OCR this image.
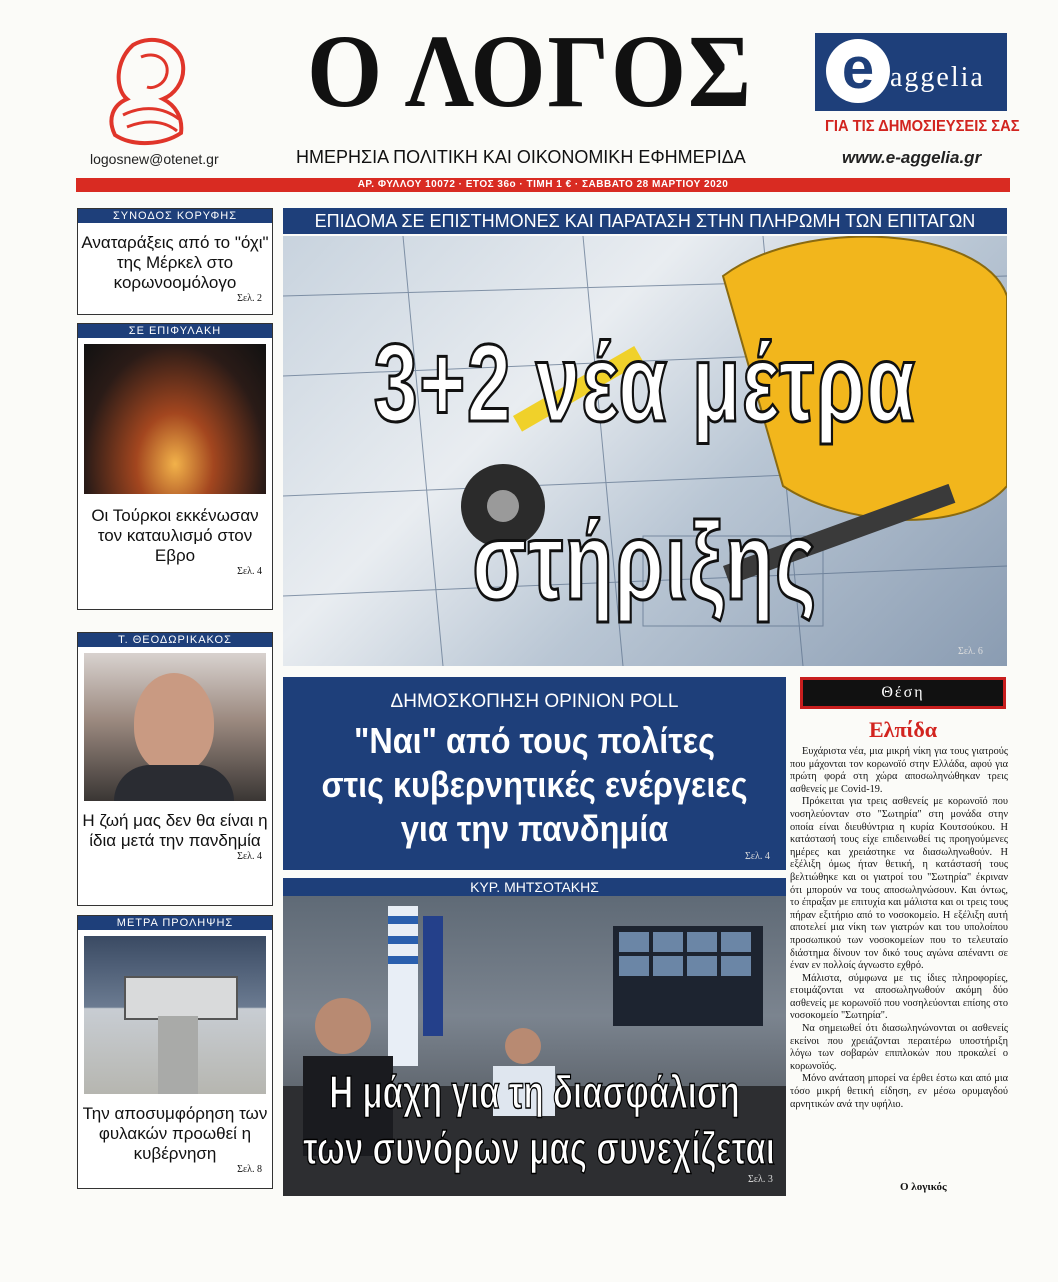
logosnew@otenet.gr
Ο ΛΟΓΟΣ
ΗΜΕΡΗΣΙΑ ΠΟΛΙΤΙΚΗ ΚΑΙ ΟΙΚΟΝΟΜΙΚΗ ΕΦΗΜΕΡΙΔΑ
e aggelia
ΓΙΑ ΤΙΣ ΔΗΜΟΣΙΕΥΣΕΙΣ ΣΑΣ
www.e-aggelia.gr
ΑΡ. ΦΥΛΛΟΥ 10072 · ΕΤΟΣ 36ο · ΤΙΜΗ 1 € · ΣΑΒΒΑΤΟ 28 ΜΑΡΤΙΟΥ 2020
ΣΥΝΟΔΟΣ ΚΟΡΥΦΗΣ
Αναταράξεις από το "όχι" της Μέρκελ στο κορωνοομόλογο
Σελ. 2
ΣΕ ΕΠΙΦΥΛΑΚΗ
Οι Τούρκοι εκκένωσαν τον καταυλισμό στον Εβρο
Σελ. 4
Τ. ΘΕΟΔΩΡΙΚΑΚΟΣ
Η ζωή μας δεν θα είναι η ίδια μετά την πανδημία
Σελ. 4
ΜΕΤΡΑ ΠΡΟΛΗΨΗΣ
Την αποσυμφόρηση των φυλακών προωθεί η κυβέρνηση
Σελ. 8
ΕΠΙΔΟΜΑ ΣΕ ΕΠΙΣΤΗΜΟΝΕΣ ΚΑΙ ΠΑΡΑΤΑΣΗ ΣΤΗΝ ΠΛΗΡΩΜΗ ΤΩΝ ΕΠΙΤΑΓΩΝ
3+2 νέα μέτρα
στήριξης
Σελ. 6
ΔΗΜΟΣΚΟΠΗΣΗ OPINION POLL
"Ναι" από τους πολίτες
στις κυβερνητικές ενέργειες
για την πανδημία
Σελ. 4
ΚΥΡ. ΜΗΤΣΟΤΑΚΗΣ
Η μάχη για τη διασφάλιση
των συνόρων μας συνεχίζεται
Σελ. 3
Θέση
Ελπίδα

Ευχάριστα νέα, μια μικρή νίκη για τους γιατρούς που μάχονται τον κορωνοϊό στην Ελλάδα, αφού για πρώτη φορά στη χώρα αποσωληνώθηκαν τρεις ασθενείς με Covid-19.

Πρόκειται για τρεις ασθενείς με κορωνοϊό που νοσηλεύονταν στο "Σωτηρία" στη μονάδα στην οποία είναι διευθύντρια η κυρία Κουτσούκου. Η κατάστασή τους είχε επιδεινωθεί τις προηγούμενες ημέρες και χρειάστηκε να διασωληνωθούν. Η εξέλιξη όμως ήταν θετική, η κατάστασή τους βελτιώθηκε και οι γιατροί του "Σωτηρία" έκριναν ότι μπορούν να τους αποσωληνώσουν. Και όντως, το έπραξαν με επιτυχία και μάλιστα και οι τρεις τους πήραν εξιτήριο από το νοσοκομείο. Η εξέλιξη αυτή αποτελεί μια νίκη των γιατρών και του υπολοίπου προσωπικού των νοσοκομείων που το τελευταίο διάστημα δίνουν τον δικό τους αγώνα απέναντι σε έναν εν πολλοίς άγνωστο εχθρό.

Μάλιστα, σύμφωνα με τις ίδιες πληροφορίες, ετοιμάζονται να αποσωληνωθούν ακόμη δύο ασθενείς με κορωνοϊό που νοσηλεύονται επίσης στο νοσοκομείο "Σωτηρία".

Να σημειωθεί ότι διασωληνώνονται οι ασθενείς εκείνοι που χρειάζονται περαιτέρω υποστήριξη λόγω των σοβαρών επιπλοκών που προκαλεί ο κορωνοϊός.

Μόνο ανάταση μπορεί να έρθει έστω και από μια τόσο μικρή θετική είδηση, εν μέσω ορυμαγδού αρνητικών ανά την υφήλιο.

Ο λογικός
